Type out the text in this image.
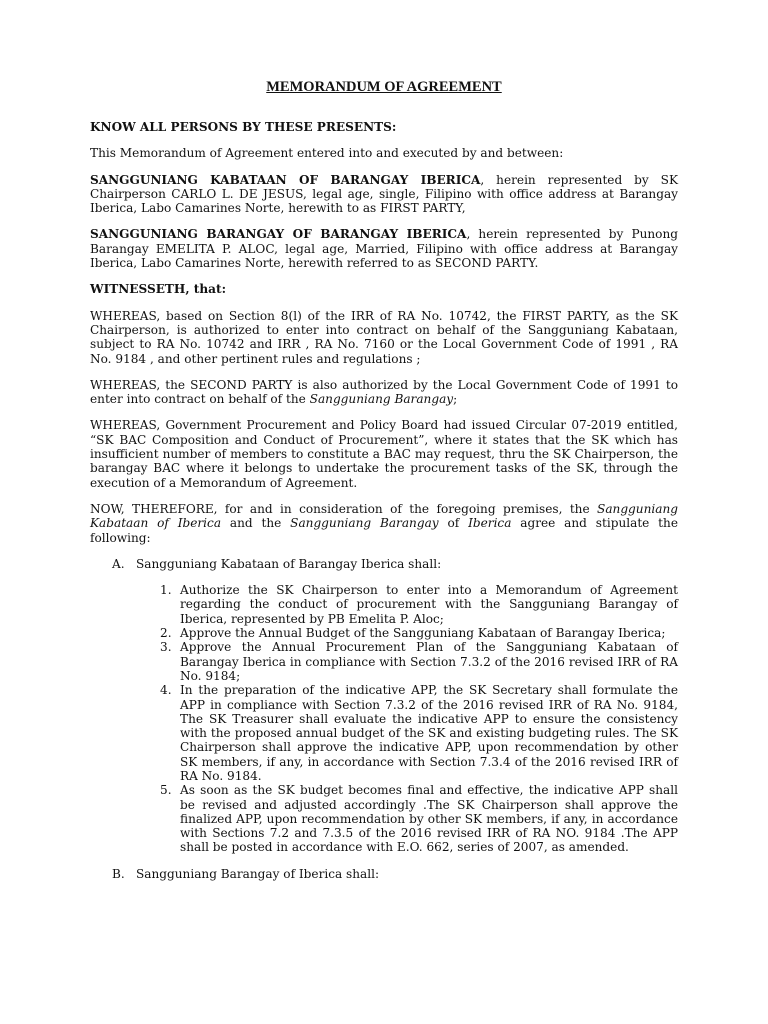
MEMORANDUM OF AGREEMENT

KNOW ALL PERSONS BY THESE PRESENTS:

This Memorandum of Agreement entered into and executed by and between:

SANGGUNIANG KABATAAN OF BARANGAY IBERICA, herein represented by SK Chairperson CARLO L. DE JESUS, legal age, single, Filipino with office address at Barangay Iberica, Labo Camarines Norte, herewith to as FIRST PARTY,

SANGGUNIANG BARANGAY OF BARANGAY IBERICA, herein represented by Punong Barangay EMELITA P. ALOC, legal age, Married, Filipino with office address at Barangay Iberica, Labo Camarines Norte, herewith referred to as SECOND PARTY.

WITNESSETH, that:

WHEREAS, based on Section 8(l) of the IRR of RA No. 10742, the FIRST PARTY, as the SK Chairperson, is authorized to enter into contract on behalf of the Sangguniang Kabataan, subject to RA No. 10742 and IRR , RA No. 7160 or the Local Government Code of 1991 , RA No. 9184 , and other pertinent rules and regulations ;

WHEREAS, the SECOND PARTY is also authorized by the Local Government Code of 1991 to enter into contract on behalf of the Sangguniang Barangay;

WHEREAS, Government Procurement and Policy Board had issued Circular 07-2019 entitled, “SK BAC Composition and Conduct of Procurement”, where it states that the SK which has insufficient number of members to constitute a BAC may request, thru the SK Chairperson, the barangay BAC where it belongs to undertake the procurement tasks of the SK, through the execution of a Memorandum of Agreement.

NOW, THEREFORE, for and in consideration of the foregoing premises, the Sangguniang Kabataan of Iberica and the Sangguniang Barangay of Iberica agree and stipulate the following:

A. Sangguniang Kabataan of Barangay Iberica shall:
1. Authorize the SK Chairperson to enter into a Memorandum of Agreement regarding the conduct of procurement with the Sangguniang Barangay of Iberica, represented by PB Emelita P. Aloc;
2. Approve the Annual Budget of the Sangguniang Kabataan of Barangay Iberica;
3. Approve the Annual Procurement Plan of the Sangguniang Kabataan of Barangay Iberica in compliance with Section 7.3.2 of the 2016 revised IRR of RA No. 9184;
4. In the preparation of the indicative APP, the SK Secretary shall formulate the APP in compliance with Section 7.3.2 of the 2016 revised IRR of RA No. 9184, The SK Treasurer shall evaluate the indicative APP to ensure the consistency with the proposed annual budget of the SK and existing budgeting rules. The SK Chairperson shall approve the indicative APP, upon recommendation by other SK members, if any, in accordance with Section 7.3.4 of the 2016 revised IRR of RA No. 9184.
5. As soon as the SK budget becomes final and effective, the indicative APP shall be revised and adjusted accordingly .The SK Chairperson shall approve the finalized APP, upon recommendation by other SK members, if any, in accordance with Sections 7.2 and 7.3.5 of the 2016 revised IRR of RA NO. 9184 .The APP shall be posted in accordance with E.O. 662, series of 2007, as amended.
B. Sangguniang Barangay of Iberica shall:
